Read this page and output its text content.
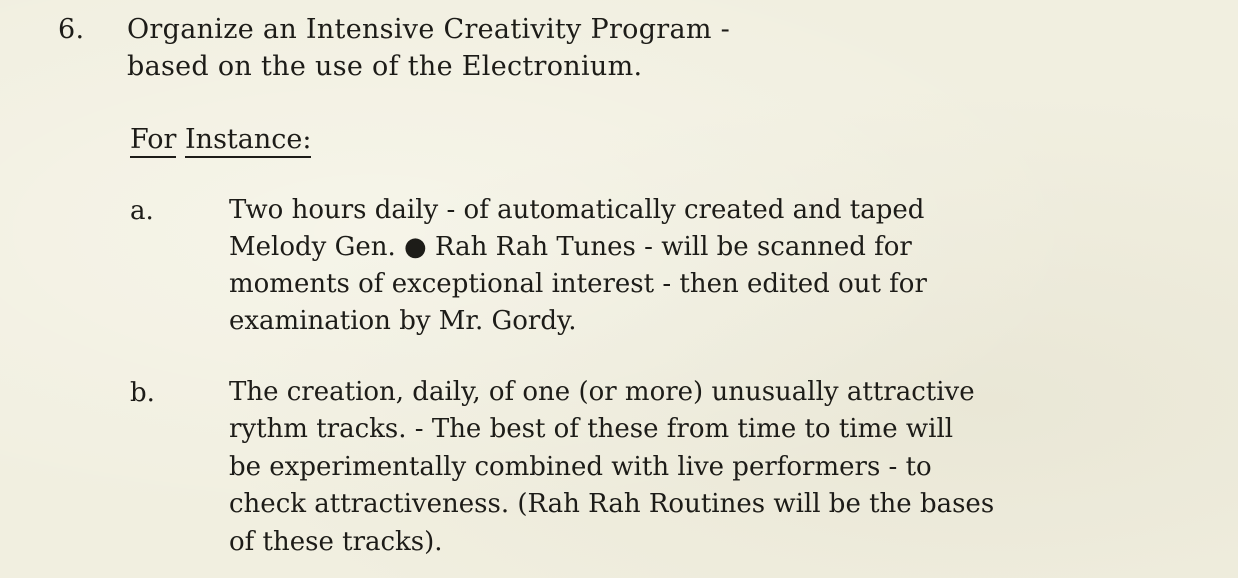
6. Organize an Intensive Creativity Program -
based on the use of the Electronium.
For Instance:
a.	Two hours daily - of automatically created and taped
Melody Gen. ● Rah Rah Tunes - will be scanned for
moments of exceptional interest - then edited out for
examination by Mr. Gordy.
b.	The creation, daily, of one (or more) unusually attractive
rythm tracks. - The best of these from time to time will
be experimentally combined with live performers - to
check attractiveness. (Rah Rah Routines will be the bases
of these tracks).
